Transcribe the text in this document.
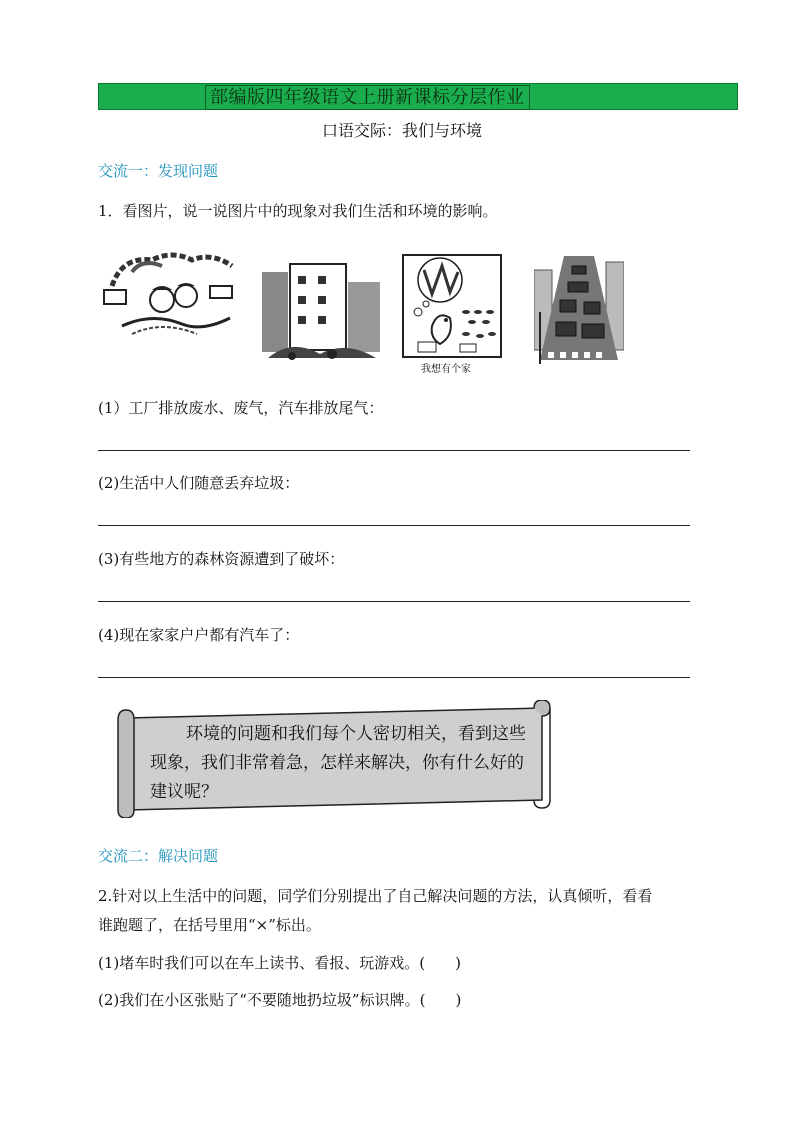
部编版四年级语文上册新课标分层作业
口语交际：我们与环境
交流一：发现问题
1．看图片，说一说图片中的现象对我们生活和环境的影响。
我想有个家
(1）工厂排放废水、废气，汽车排放尾气：
(2)生活中人们随意丢弃垃圾：
(3)有些地方的森林资源遭到了破坏：
(4)现在家家户户都有汽车了：
环境的问题和我们每个人密切相关，看到这些现象，我们非常着急，怎样来解决，你有什么好的建议呢？
交流二：解决问题
2.针对以上生活中的问题，同学们分别提出了自己解决问题的方法，认真倾听，看看
谁跑题了，在括号里用“×”标出。
(1)堵车时我们可以在车上读书、看报、玩游戏。(　　)
(2)我们在小区张贴了“不要随地扔垃圾”标识牌。(　　)
